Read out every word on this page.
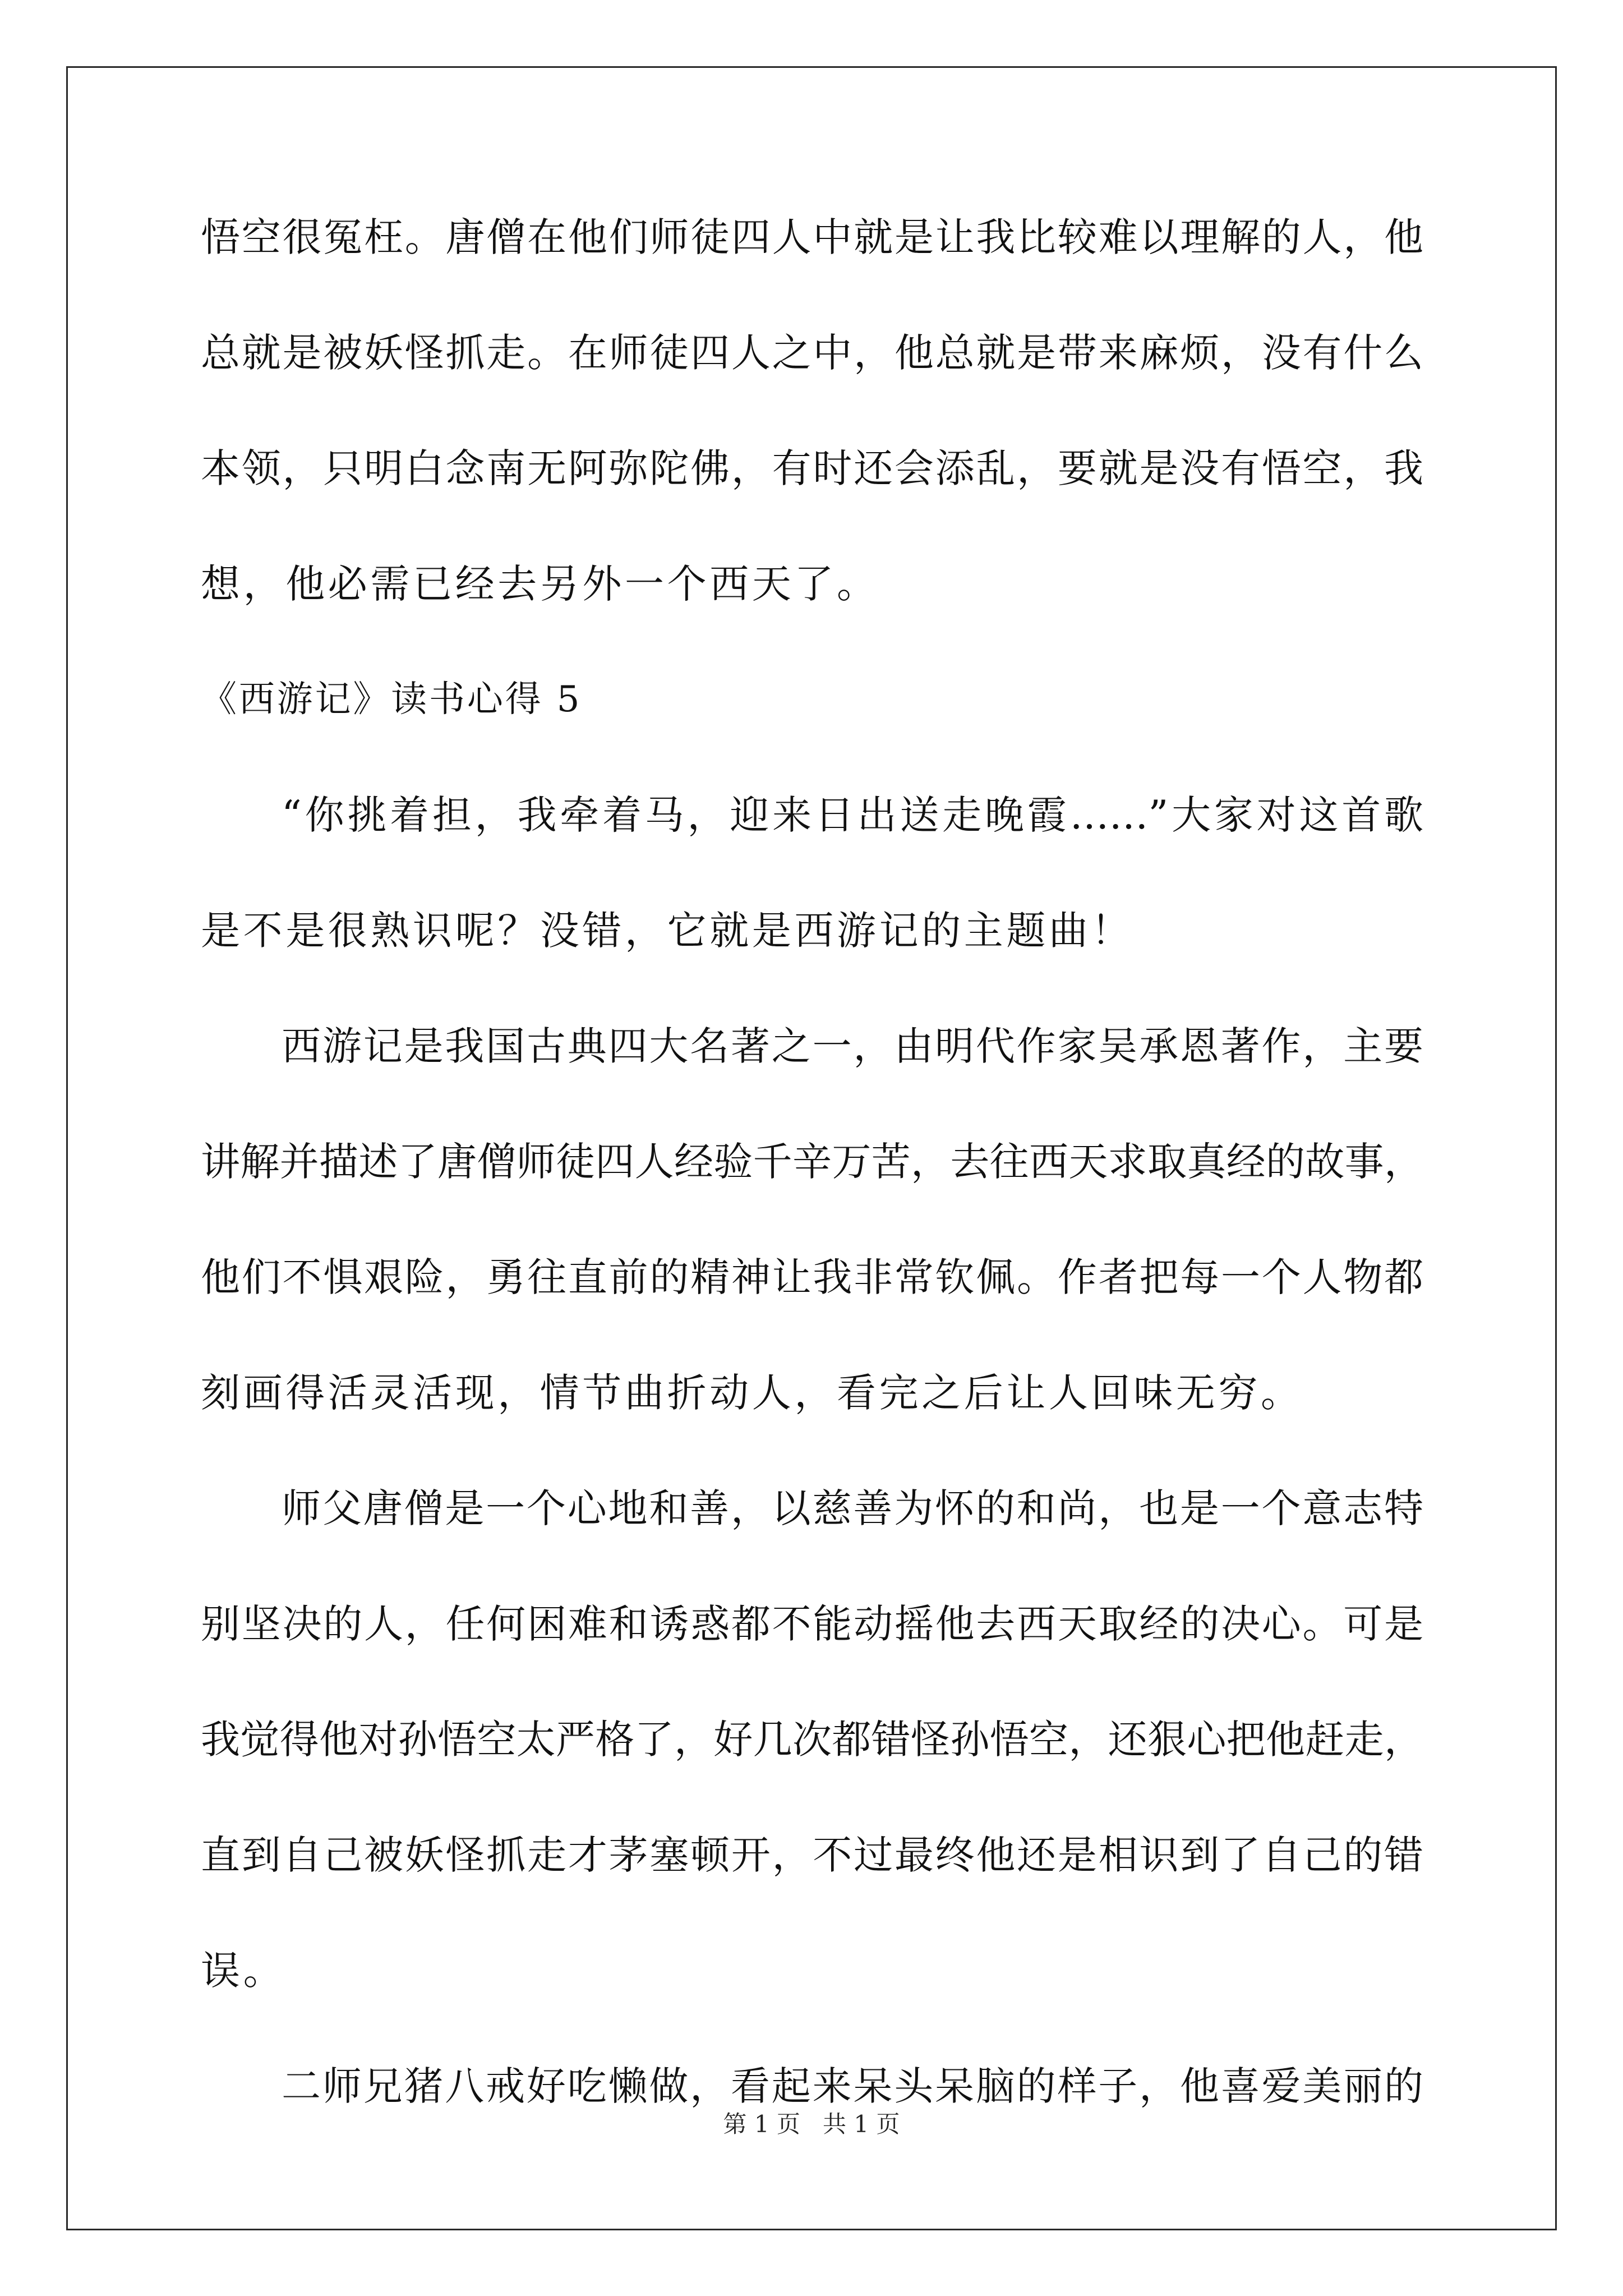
悟空很冤枉。唐僧在他们师徒四人中就是让我比较难以理解的人，他
总就是被妖怪抓走。在师徒四人之中，他总就是带来麻烦，没有什么
本领，只明白念南无阿弥陀佛，有时还会添乱，要就是没有悟空，我
想，他必需已经去另外一个西天了。
《西游记》读书心得 5
“你挑着担，我牵着马，迎来日出送走晚霞……”大家对这首歌
是不是很熟识呢？没错，它就是西游记的主题曲！
西游记是我国古典四大名著之一，由明代作家吴承恩著作，主要
讲解并描述了唐僧师徒四人经验千辛万苦，去往西天求取真经的故事，
他们不惧艰险，勇往直前的精神让我非常钦佩。作者把每一个人物都
刻画得活灵活现，情节曲折动人，看完之后让人回味无穷。
师父唐僧是一个心地和善，以慈善为怀的和尚，也是一个意志特
别坚决的人，任何困难和诱惑都不能动摇他去西天取经的决心。可是
我觉得他对孙悟空太严格了，好几次都错怪孙悟空，还狠心把他赶走，
直到自己被妖怪抓走才茅塞顿开，不过最终他还是相识到了自己的错
误。
二师兄猪八戒好吃懒做，看起来呆头呆脑的样子，他喜爱美丽的
第 1 页   共 1 页
